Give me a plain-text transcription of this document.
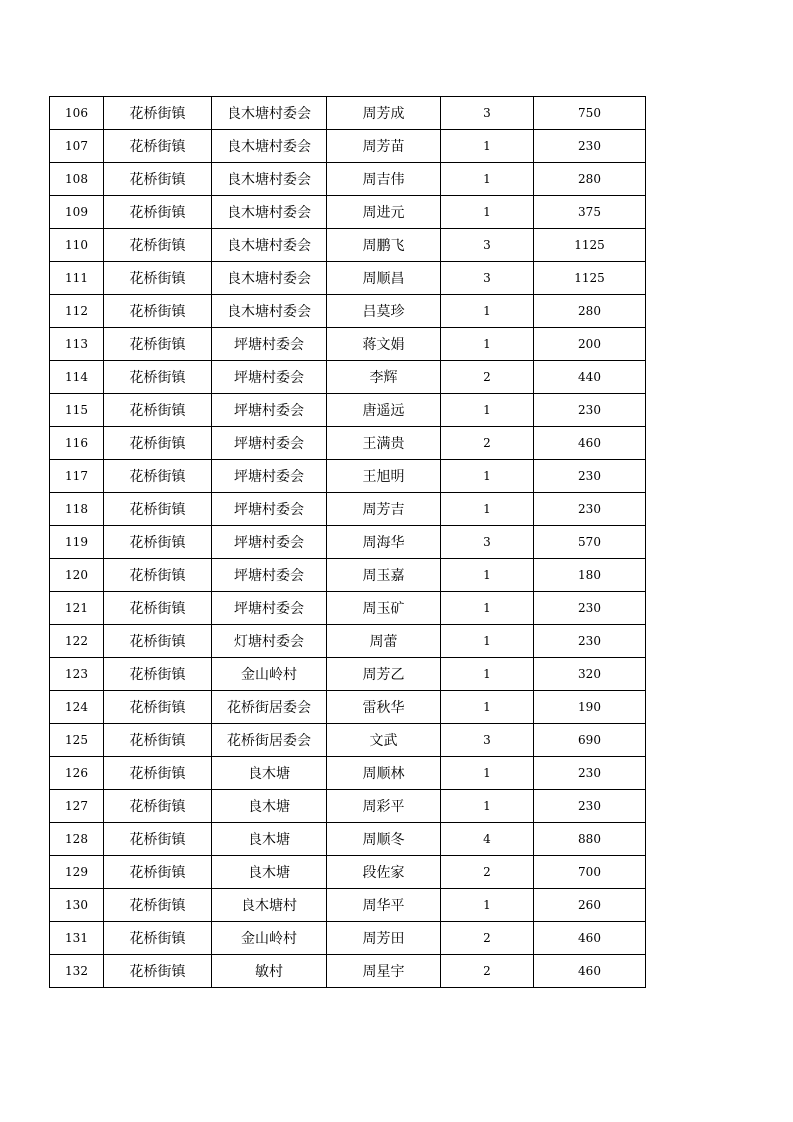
106	花桥街镇	良木塘村委会	周芳成	3	750
107	花桥街镇	良木塘村委会	周芳苗	1	230
108	花桥街镇	良木塘村委会	周吉伟	1	280
109	花桥街镇	良木塘村委会	周进元	1	375
110	花桥街镇	良木塘村委会	周鹏飞	3	1125
111	花桥街镇	良木塘村委会	周顺昌	3	1125
112	花桥街镇	良木塘村委会	吕莫珍	1	280
113	花桥街镇	坪塘村委会	蒋文娟	1	200
114	花桥街镇	坪塘村委会	李辉	2	440
115	花桥街镇	坪塘村委会	唐遥远	1	230
116	花桥街镇	坪塘村委会	王满贵	2	460
117	花桥街镇	坪塘村委会	王旭明	1	230
118	花桥街镇	坪塘村委会	周芳吉	1	230
119	花桥街镇	坪塘村委会	周海华	3	570
120	花桥街镇	坪塘村委会	周玉嘉	1	180
121	花桥街镇	坪塘村委会	周玉矿	1	230
122	花桥街镇	灯塘村委会	周蕾	1	230
123	花桥街镇	金山岭村	周芳乙	1	320
124	花桥街镇	花桥街居委会	雷秋华	1	190
125	花桥街镇	花桥街居委会	文武	3	690
126	花桥街镇	良木塘	周顺林	1	230
127	花桥街镇	良木塘	周彩平	1	230
128	花桥街镇	良木塘	周顺冬	4	880
129	花桥街镇	良木塘	段佐家	2	700
130	花桥街镇	良木塘村	周华平	1	260
131	花桥街镇	金山岭村	周芳田	2	460
132	花桥街镇	敏村	周星宇	2	460
